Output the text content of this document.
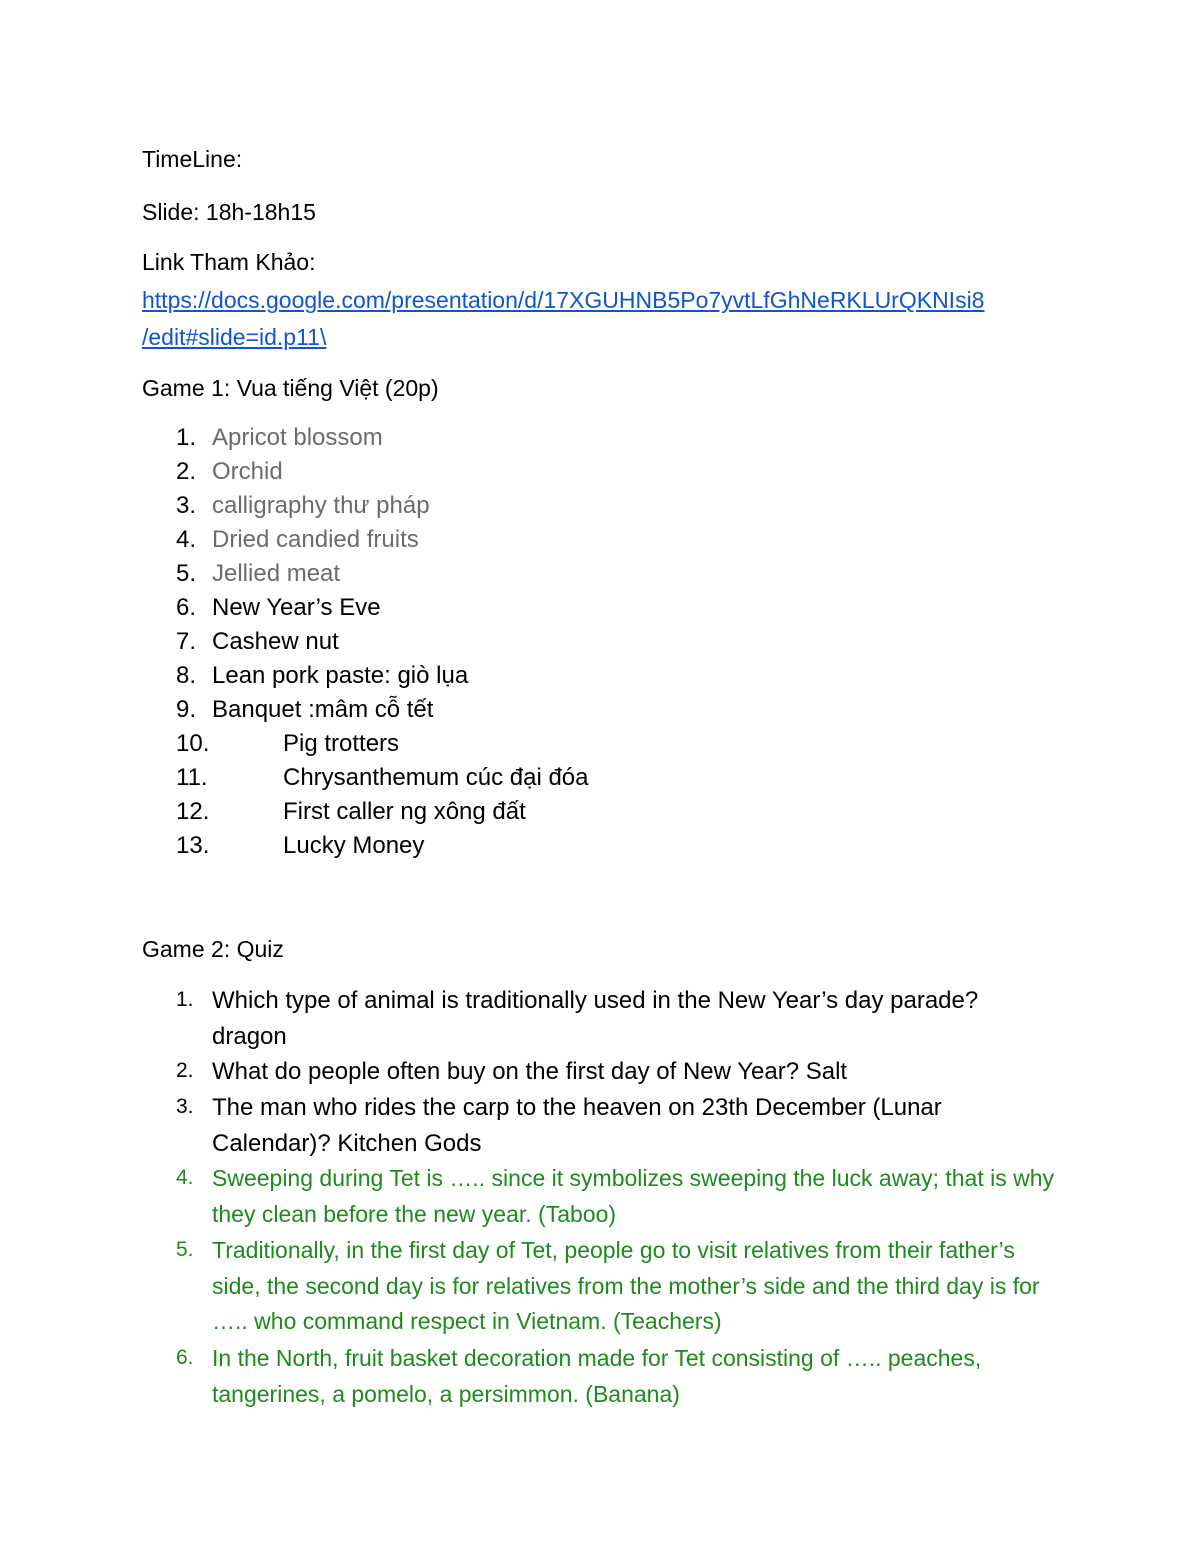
TimeLine:
Slide: 18h-18h15
Link Tham Khảo:
https://docs.google.com/presentation/d/17XGUHNB5Po7yvtLfGhNeRKLUrQKNIsi8
/edit#slide=id.p11\
Game 1: Vua tiếng Việt (20p)
1. Apricot blossom
2. Orchid
3. calligraphy thư pháp
4. Dried candied fruits
5. Jellied meat
6. New Year’s Eve
7. Cashew nut
8. Lean pork paste: giò lụa
9. Banquet :mâm cỗ tết
10.	Pig trotters
11.	Chrysanthemum cúc đại đóa
12.	First caller ng xông đất
13.	Lucky Money
Game 2: Quiz
1. Which type of animal is traditionally used in the New Year’s day parade? dragon
2. What do people often buy on the first day of New Year? Salt
3. The man who rides the carp to the heaven on 23th December (Lunar Calendar)? Kitchen Gods
4. Sweeping during Tet is ….. since it symbolizes sweeping the luck away; that is why they clean before the new year. (Taboo)
5. Traditionally, in the first day of Tet, people go to visit relatives from their father’s side, the second day is for relatives from the mother’s side and the third day is for ….. who command respect in Vietnam. (Teachers)
6. In the North, fruit basket decoration made for Tet consisting of ….. peaches, tangerines, a pomelo, a persimmon. (Banana)
